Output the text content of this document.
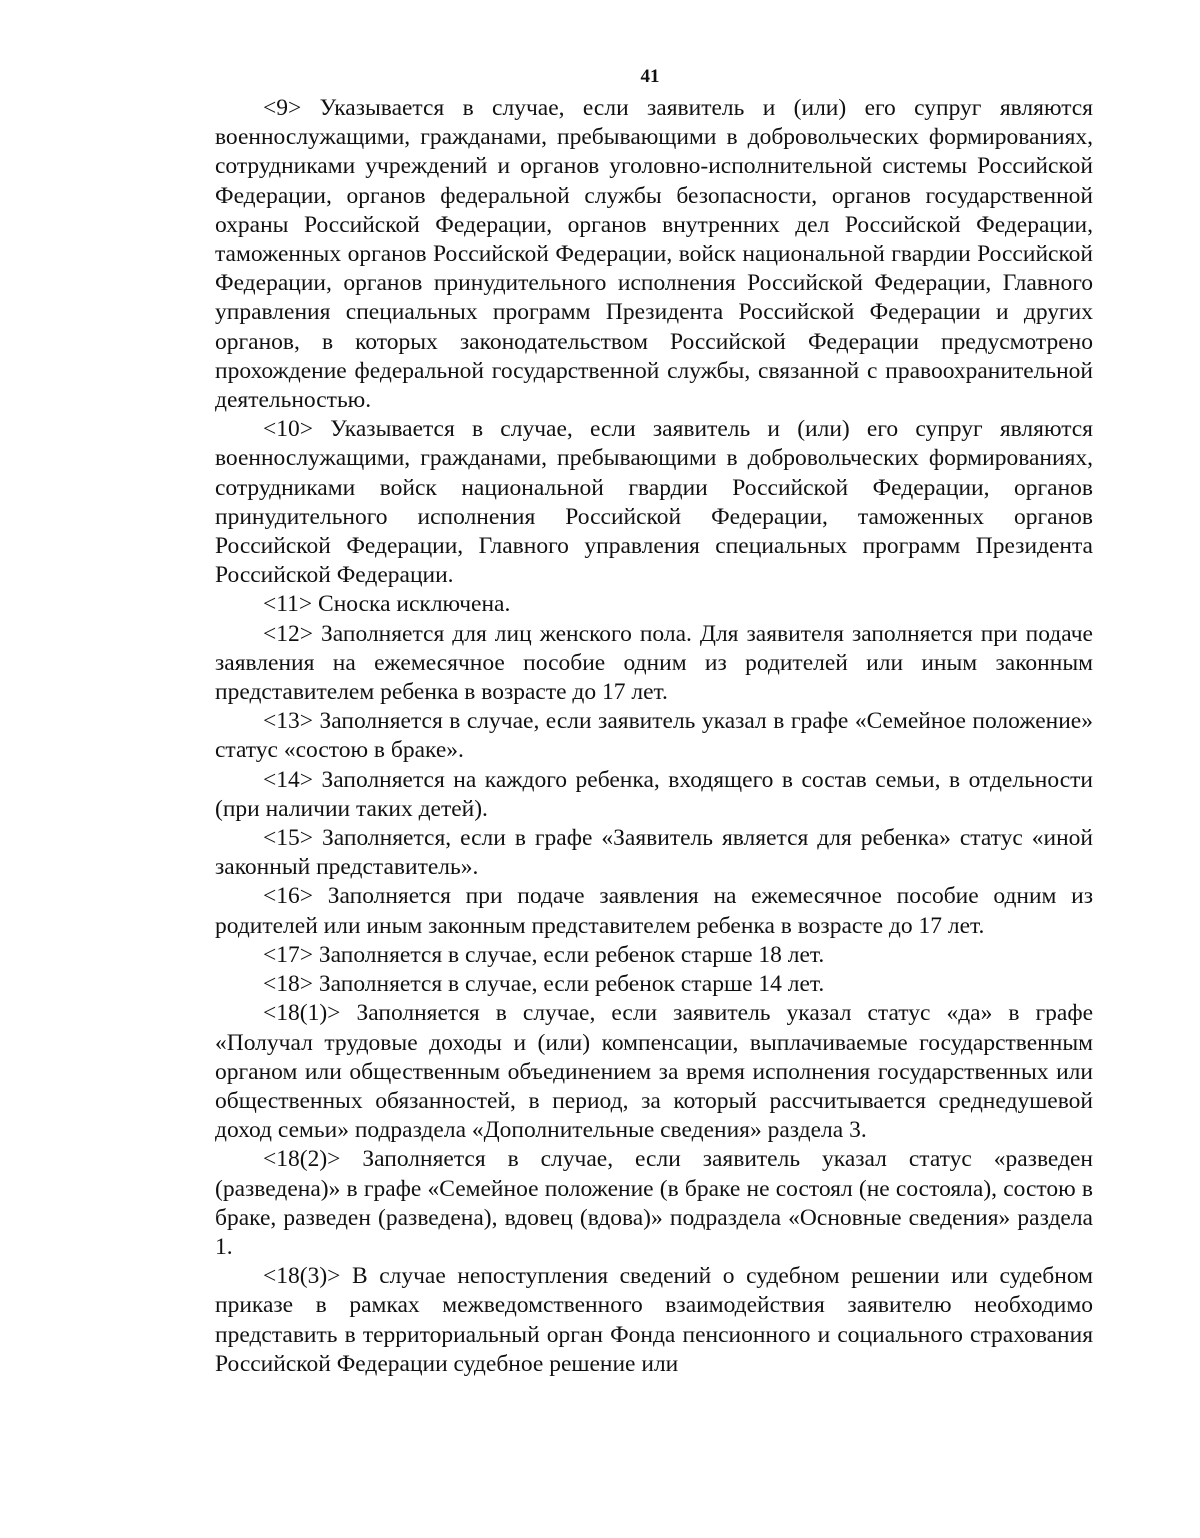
41

<9> Указывается в случае, если заявитель и (или) его супруг являются военнослужащими, гражданами, пребывающими в добровольческих формированиях, сотрудниками учреждений и органов уголовно-исполнительной системы Российской Федерации, органов федеральной службы безопасности, органов государственной охраны Российской Федерации, органов внутренних дел Российской Федерации, таможенных органов Российской Федерации, войск национальной гвардии Российской Федерации, органов принудительного исполнения Российской Федерации, Главного управления специальных программ Президента Российской Федерации и других органов, в которых законодательством Российской Федерации предусмотрено прохождение федеральной государственной службы, связанной с правоохранительной деятельностью.

<10> Указывается в случае, если заявитель и (или) его супруг являются военнослужащими, гражданами, пребывающими в добровольческих формированиях, сотрудниками войск национальной гвардии Российской Федерации, органов принудительного исполнения Российской Федерации, таможенных органов Российской Федерации, Главного управления специальных программ Президента Российской Федерации.

<11> Сноска исключена.

<12> Заполняется для лиц женского пола. Для заявителя заполняется при подаче заявления на ежемесячное пособие одним из родителей или иным законным представителем ребенка в возрасте до 17 лет.

<13> Заполняется в случае, если заявитель указал в графе «Семейное положение» статус «состою в браке».

<14> Заполняется на каждого ребенка, входящего в состав семьи, в отдельности (при наличии таких детей).

<15> Заполняется, если в графе «Заявитель является для ребенка» статус «иной законный представитель».

<16> Заполняется при подаче заявления на ежемесячное пособие одним из родителей или иным законным представителем ребенка в возрасте до 17 лет.

<17> Заполняется в случае, если ребенок старше 18 лет.

<18> Заполняется в случае, если ребенок старше 14 лет.

<18(1)> Заполняется в случае, если заявитель указал статус «да» в графе «Получал трудовые доходы и (или) компенсации, выплачиваемые государственным органом или общественным объединением за время исполнения государственных или общественных обязанностей, в период, за который рассчитывается среднедушевой доход семьи» подраздела «Дополнительные сведения» раздела 3.

<18(2)> Заполняется в случае, если заявитель указал статус «разведен (разведена)» в графе «Семейное положение (в браке не состоял (не состояла), состою в браке, разведен (разведена), вдовец (вдова)» подраздела «Основные сведения» раздела 1.

<18(3)> В случае непоступления сведений о судебном решении или судебном приказе в рамках межведомственного взаимодействия заявителю необходимо представить в территориальный орган Фонда пенсионного и социального страхования Российской Федерации судебное решение или
